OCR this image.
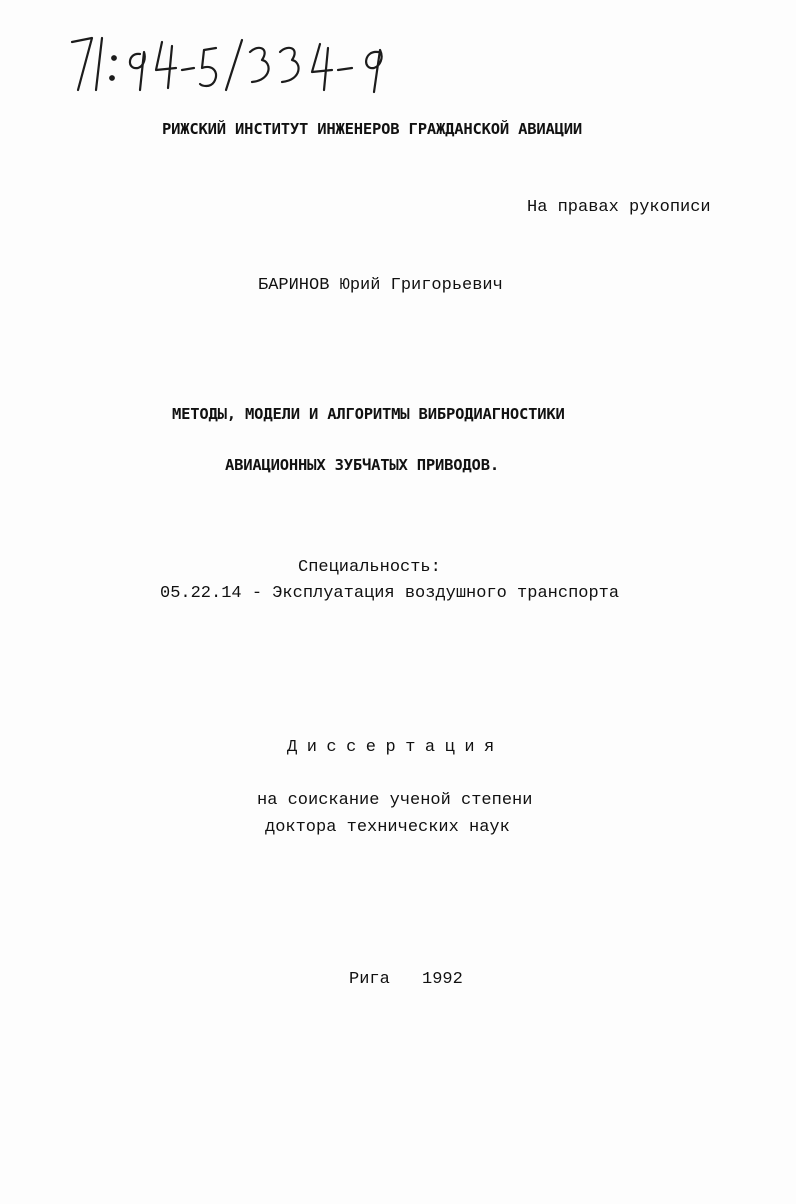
РИЖСКИЙ ИНСТИТУТ ИНЖЕНЕРОВ ГРАЖДАНСКОЙ АВИАЦИИ

На правах рукописи

БАРИНОВ Юрий Григорьевич

МЕТОДЫ, МОДЕЛИ И АЛГОРИТМЫ ВИБРОДИАГНОСТИКИ

АВИАЦИОННЫХ ЗУБЧАТЫХ ПРИВОДОВ.

Специальность:

05.22.14 - Эксплуатация воздушного транспорта

Диссертация

на соискание ученой степени

доктора технических наук

Рига 1992
